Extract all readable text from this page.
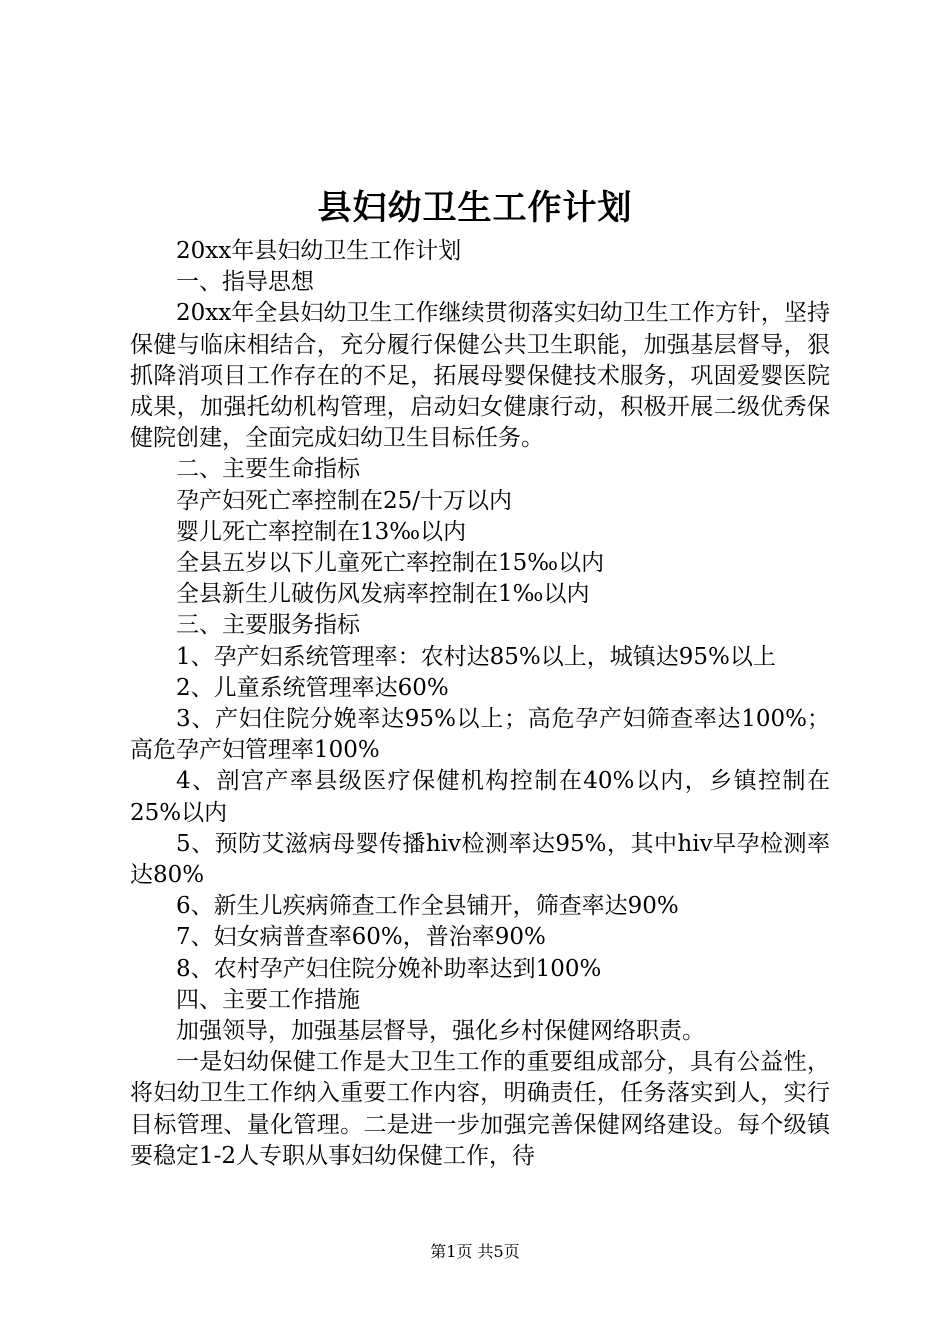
县妇幼卫生工作计划

20xx年县妇幼卫生工作计划

一、指导思想

20xx年全县妇幼卫生工作继续贯彻落实妇幼卫生工作方针，坚持保健与临床相结合，充分履行保健公共卫生职能，加强基层督导，狠抓降消项目工作存在的不足，拓展母婴保健技术服务，巩固爱婴医院成果，加强托幼机构管理，启动妇女健康行动，积极开展二级优秀保健院创建，全面完成妇幼卫生目标任务。

二、主要生命指标

孕产妇死亡率控制在25/十万以内

婴儿死亡率控制在13‰以内

全县五岁以下儿童死亡率控制在15‰以内

全县新生儿破伤风发病率控制在1‰以内

三、主要服务指标

1、孕产妇系统管理率：农村达85%以上，城镇达95%以上

2、儿童系统管理率达60%

3、产妇住院分娩率达95%以上；高危孕产妇筛查率达100%；高危孕产妇管理率100%

4、剖宫产率县级医疗保健机构控制在40%以内，乡镇控制在25%以内

5、预防艾滋病母婴传播hiv检测率达95%，其中hiv早孕检测率达80%

6、新生儿疾病筛查工作全县铺开，筛查率达90%

7、妇女病普查率60%，普治率90%

8、农村孕产妇住院分娩补助率达到100%

四、主要工作措施

加强领导，加强基层督导，强化乡村保健网络职责。

一是妇幼保健工作是大卫生工作的重要组成部分，具有公益性，将妇幼卫生工作纳入重要工作内容，明确责任，任务落实到人，实行目标管理、量化管理。二是进一步加强完善保健网络建设。每个级镇要稳定1-2人专职从事妇幼保健工作，待

第1页 共5页
